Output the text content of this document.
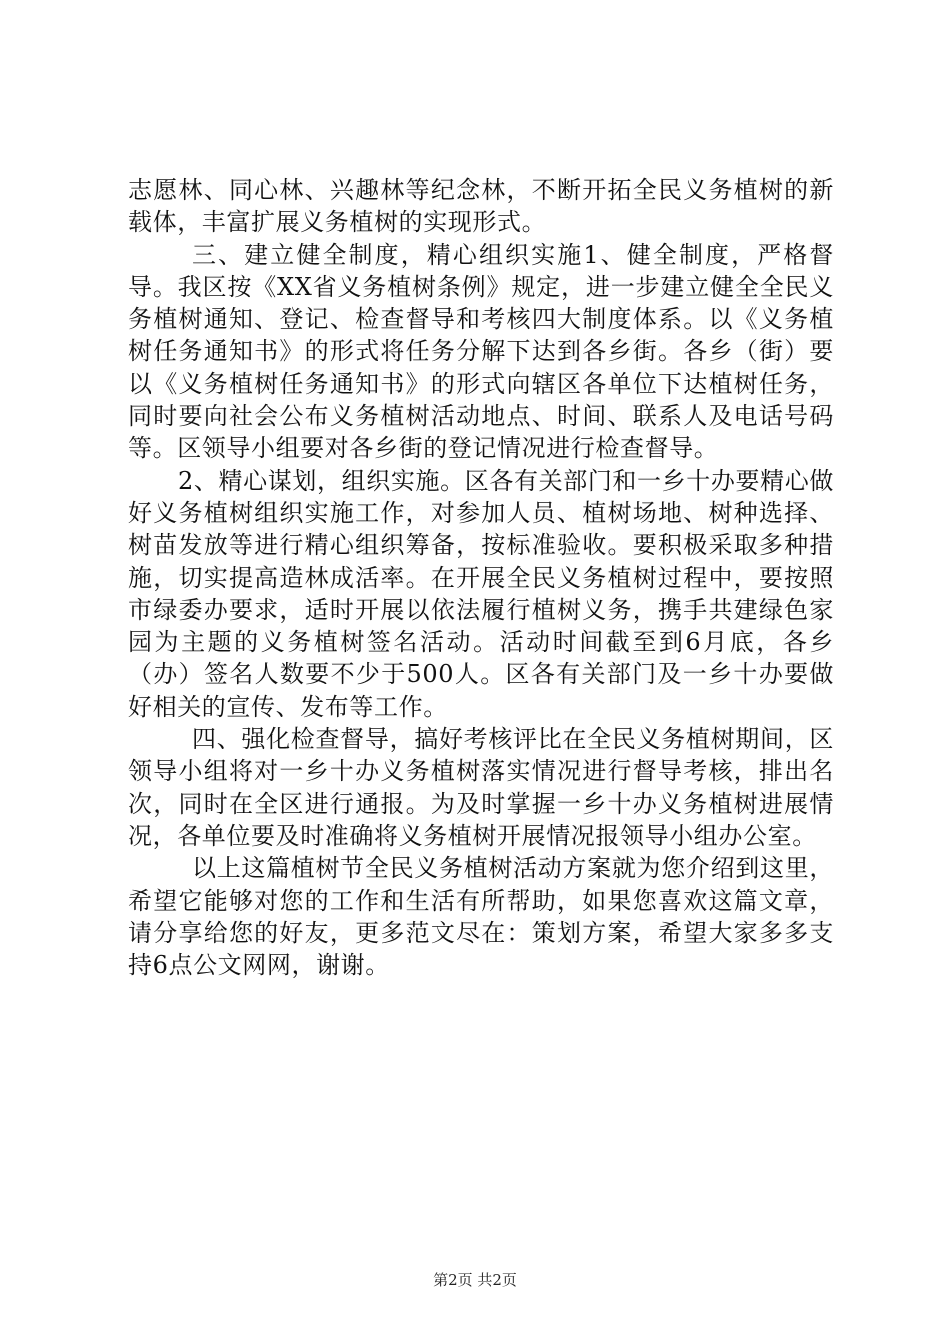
志愿林、同心林、兴趣林等纪念林，不断开拓全民义务植树的新载体，丰富扩展义务植树的实现形式。

三、建立健全制度，精心组织实施1、健全制度，严格督导。我区按《XX省义务植树条例》规定，进一步建立健全全民义务植树通知、登记、检查督导和考核四大制度体系。以《义务植树任务通知书》的形式将任务分解下达到各乡街。各乡（街）要以《义务植树任务通知书》的形式向辖区各单位下达植树任务，同时要向社会公布义务植树活动地点、时间、联系人及电话号码等。区领导小组要对各乡街的登记情况进行检查督导。

2、精心谋划，组织实施。区各有关部门和一乡十办要精心做好义务植树组织实施工作，对参加人员、植树场地、树种选择、树苗发放等进行精心组织筹备，按标准验收。要积极采取多种措施，切实提高造林成活率。在开展全民义务植树过程中，要按照市绿委办要求，适时开展以依法履行植树义务，携手共建绿色家园为主题的义务植树签名活动。活动时间截至到6月底，各乡（办）签名人数要不少于500人。区各有关部门及一乡十办要做好相关的宣传、发布等工作。

四、强化检查督导，搞好考核评比在全民义务植树期间，区领导小组将对一乡十办义务植树落实情况进行督导考核，排出名次，同时在全区进行通报。为及时掌握一乡十办义务植树进展情况，各单位要及时准确将义务植树开展情况报领导小组办公室。

以上这篇植树节全民义务植树活动方案就为您介绍到这里，希望它能够对您的工作和生活有所帮助，如果您喜欢这篇文章，请分享给您的好友，更多范文尽在：策划方案，希望大家多多支持6点公文网网，谢谢。

第2页 共2页
